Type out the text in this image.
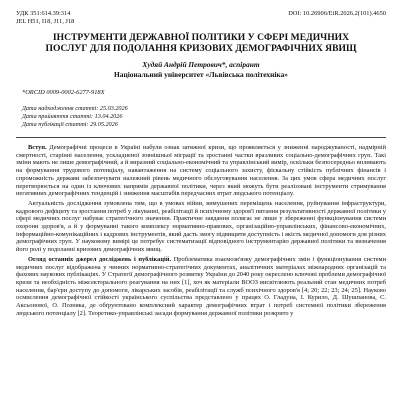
УДК 351:614.39:314
JEL H51, I18, J11, J18
DOI: 10.26906/EiR.2026.2(101).4650
ІНСТРУМЕНТИ ДЕРЖАВНОЇ ПОЛІТИКИ У СФЕРІ МЕДИЧНИХ
ПОСЛУГ ДЛЯ ПОДОЛАННЯ КРИЗОВИХ ДЕМОГРАФІЧНИХ ЯВИЩ
Худяй Андрій Петрович*, аспірант
Національний університет «Львівська політехніка»
*ORCID 0009-0002-6277-918X
Дата надходження статті: 25.03.2026
Дата прийняття статті: 13.04.2026
Дата публікації статті: 29.05.2026

Вступ. Демографічні процеси в Україні набули ознак затяжної кризи, що проявляється у зниженні народжуваності, надмірній смертності, старінні населення, ускладненої зовнішньої міграції та зростанні частки вразливих соціально-демографічних груп. Такі зміни мають не лише демографічний, а й виразний соціально-економічний та управлінський вимір, оскільки безпосередньо впливають на формування трудового потенціалу, навантаження на систему соціального захисту, фіскальну стійкість публічних фінансів і спроможність держави забезпечувати належний рівень медичного обслуговування населення. За цих умов сфера медичних послуг перетворюється на один із ключових напрямів державної політики, через який можуть бути реалізовані інструменти стримування негативних демографічних тенденцій і зниження масштабів передчасних втрат людського потенціалу.

Актуальність дослідження зумовлена тим, що в умовах війни, вимушених переміщень населення, руйнування інфраструктури, кадрового дефіциту та зростання потреб у лікуванні, реабілітації й психічному здоров'ї питання результативності державної політики у сфері медичних послуг набуває стратегічного значення. Практичне завдання полягає не лише у збереженні функціонування системи охорони здоров'я, а й у формуванні такого комплексу нормативно-правових, організаційно-управлінських, фінансово-економічних, інформаційно-комунікаційних і кадрових інструментів, який дасть змогу підвищити доступність і якість медичної допомоги для різних демографічних груп. У науковому вимірі це потребує систематизації відповідного інструментарію державної політики та визначення його ролі у подоланні кризових демографічних явищ.

Огляд останніх джерел досліджень і публікацій. Проблематика взаємозв'язку демографічних змін і функціонування системи медичних послуг відображена у чинних нормативно-стратегічних документах, аналітичних матеріалах міжнародних організацій та фахових наукових публікаціях. У Стратегії демографічного розвитку України до 2040 року окреслено ключові проблеми демографічної кризи та необхідність міжсекторального реагування на них [1], хоч як матеріали ВООЗ висвітлюють реальний стан медичних потреб населення, бар'єри доступу до допомоги, лікарських засобів, реабілітації та служб психічного здоров'я [4; 20; 22; 23; 24; 25]. Науково осмислення демографічної стійкості українського суспільства представлено у працях О. Гладуна, І. Курило, Д. Шушпанова, С. Аксьонової, О. Позняка, де обґрунтовано комплексний характер демографічних втрат і потреб системної політики збереження людського потенціалу [2]. Теоретико-управлінські засади формування державної політики розкрито у
